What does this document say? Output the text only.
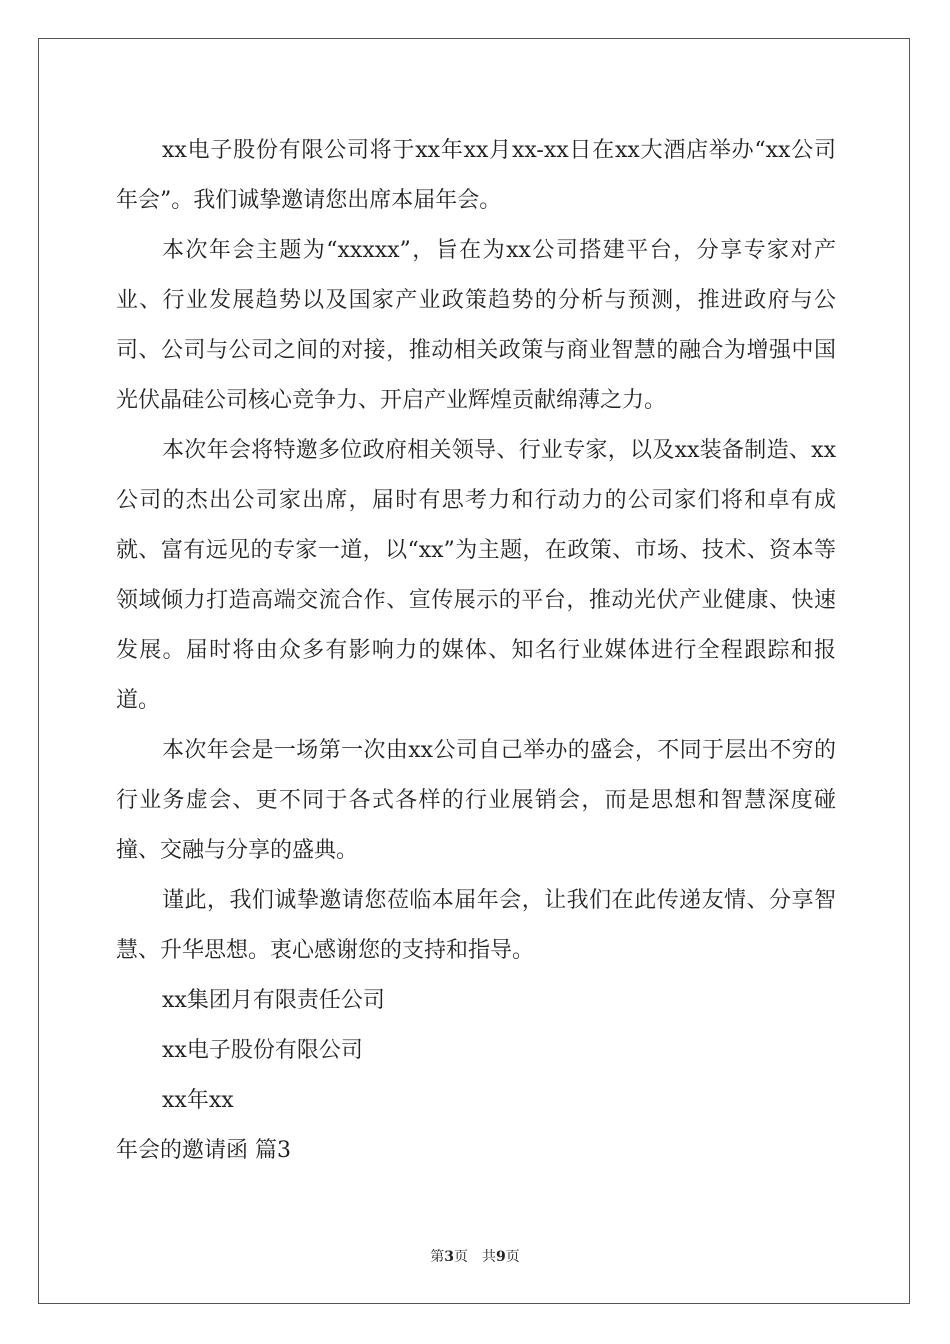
xx电子股份有限公司将于xx年xx月xx-xx日在xx大酒店举办“xx公司年会”。我们诚挚邀请您出席本届年会。

本次年会主题为“xxxxx”，旨在为xx公司搭建平台，分享专家对产业、行业发展趋势以及国家产业政策趋势的分析与预测，推进政府与公司、公司与公司之间的对接，推动相关政策与商业智慧的融合为增强中国光伏晶硅公司核心竞争力、开启产业辉煌贡献绵薄之力。

本次年会将特邀多位政府相关领导、行业专家，以及xx装备制造、xx公司的杰出公司家出席，届时有思考力和行动力的公司家们将和卓有成就、富有远见的专家一道，以“xx”为主题，在政策、市场、技术、资本等领域倾力打造高端交流合作、宣传展示的平台，推动光伏产业健康、快速发展。届时将由众多有影响力的媒体、知名行业媒体进行全程跟踪和报道。

本次年会是一场第一次由xx公司自己举办的盛会，不同于层出不穷的行业务虚会、更不同于各式各样的行业展销会，而是思想和智慧深度碰撞、交融与分享的盛典。

谨此，我们诚挚邀请您莅临本届年会，让我们在此传递友情、分享智慧、升华思想。衷心感谢您的支持和指导。

xx集团月有限责任公司

xx电子股份有限公司

xx年xx

年会的邀请函 篇3

第3页　共9页
